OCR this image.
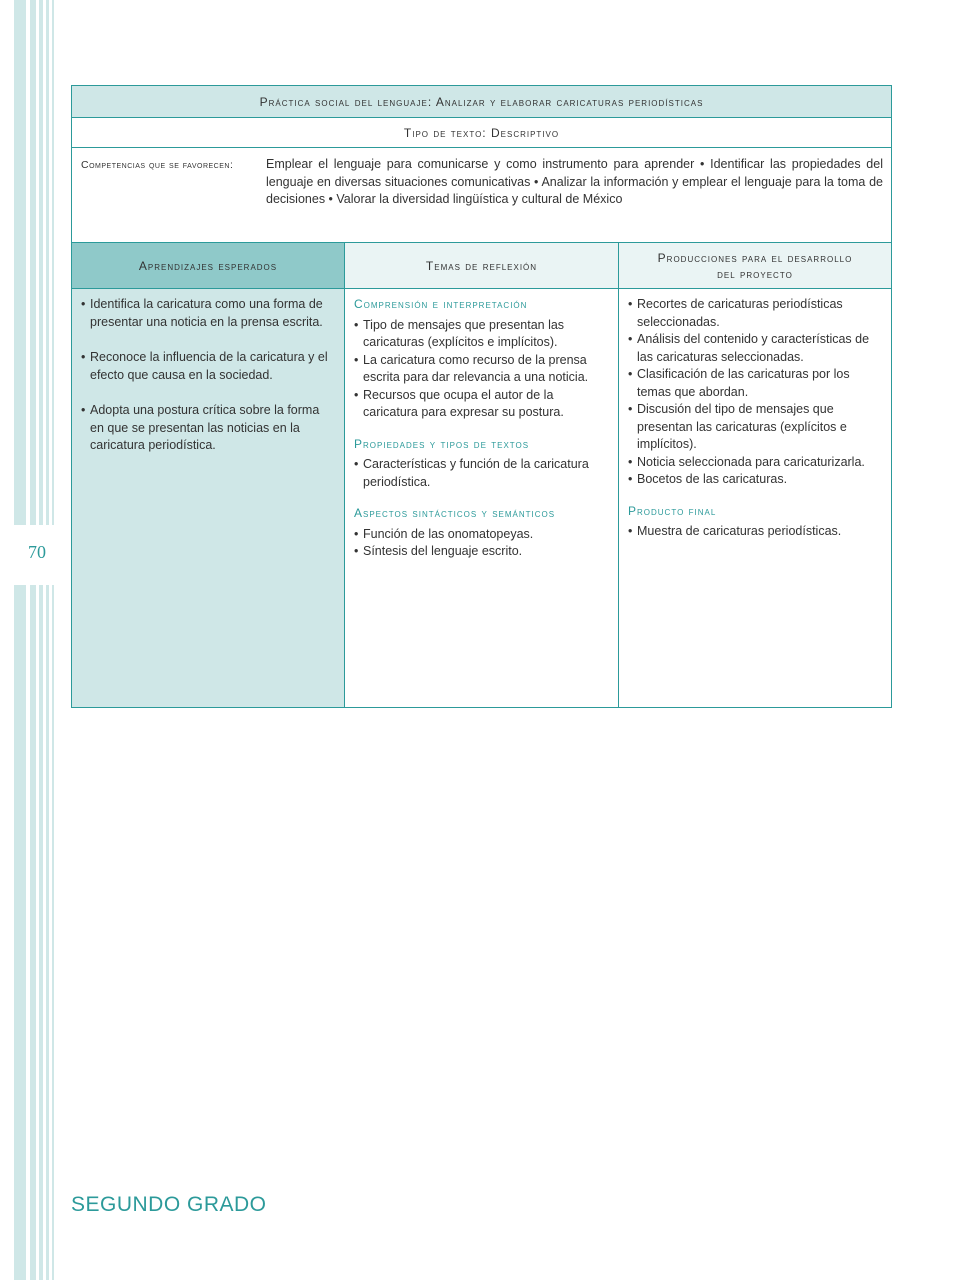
70
Práctica social del lenguaje: Analizar y elaborar caricaturas periodísticas
Tipo de texto: Descriptivo
Competencias que se favorecen:	Emplear el lenguaje para comunicarse y como instrumento para aprender • Identificar las propiedades del lenguaje en diversas situaciones comunicativas • Analizar la información y emplear el lenguaje para la toma de decisiones • Valorar la diversidad lingüística y cultural de México
Aprendizajes esperados
• Identifica la caricatura como una forma de presentar una noticia en la prensa escrita.
• Reconoce la influencia de la caricatura y el efecto que causa en la sociedad.
• Adopta una postura crítica sobre la forma en que se presentan las noticias en la caricatura periodística.
Temas de reflexión
Comprensión e interpretación
• Tipo de mensajes que presentan las caricaturas (explícitos e implícitos).
• La caricatura como recurso de la prensa escrita para dar relevancia a una noticia.
• Recursos que ocupa el autor de la caricatura para expresar su postura.
Propiedades y tipos de textos
• Características y función de la caricatura periodística.
Aspectos sintácticos y semánticos
• Función de las onomatopeyas.
• Síntesis del lenguaje escrito.
Producciones para el desarrollo
del proyecto
• Recortes de caricaturas periodísticas seleccionadas.
• Análisis del contenido y características de las caricaturas seleccionadas.
• Clasificación de las caricaturas por los temas que abordan.
• Discusión del tipo de mensajes que presentan las caricaturas (explícitos e implícitos).
• Noticia seleccionada para caricaturizarla.
• Bocetos de las caricaturas.
Producto final
• Muestra de caricaturas periodísticas.
SEGUNDO GRADO
